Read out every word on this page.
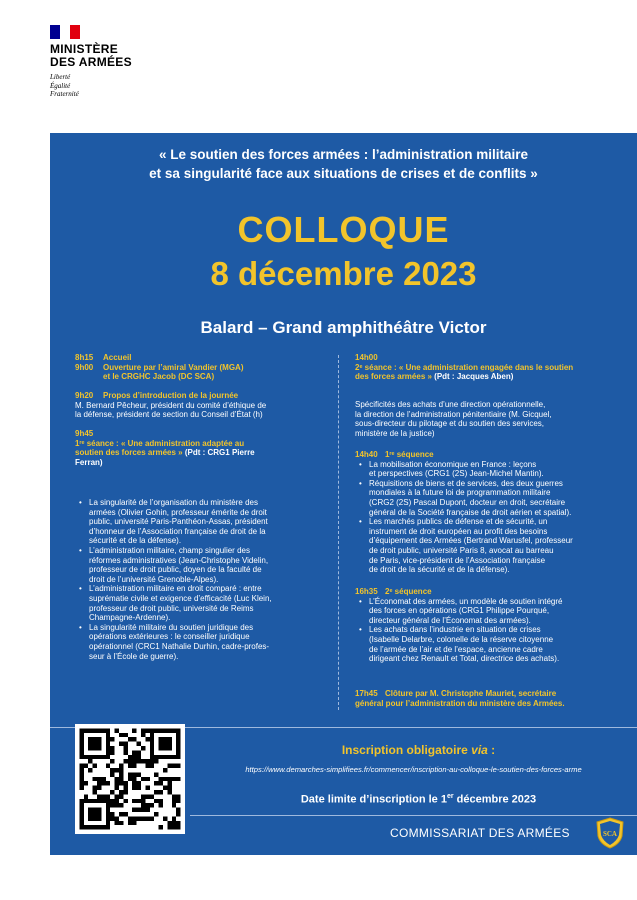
MINISTÈRE
DES ARMÉES
Liberté
Égalité
Fraternité
« Le soutien des forces armées : l’administration militaire
et sa singularité face aux situations de crises et de conflits »
COLLOQUE
8 décembre 2023
Balard – Grand amphithéâtre Victor
8h15 Accueil
9h00 Ouverture par l’amiral Vandier (MGA)
et le CRGHC Jacob (DC SCA)
9h20 Propos d’introduction de la journée
M. Bernard Pêcheur, président du comité d’éthique de
la défense, président de section du Conseil d’État (h)
9h45
1ʳᵉ séance : « Une administration adaptée au
soutien des forces armées » (Pdt : CRG1 Pierre
Ferran)
• La singularité de l’organisation du ministère des
armées (Olivier Gohin, professeur émérite de droit
public, université Paris-Panthéon-Assas, président
d’honneur de l’Association française de droit de la
sécurité et de la défense).
• L’administration militaire, champ singulier des
réformes administratives (Jean-Christophe Videlin,
professeur de droit public, doyen de la faculté de
droit de l’université Grenoble-Alpes).
• L’administration militaire en droit comparé : entre
suprématie civile et exigence d’efficacité (Luc Klein,
professeur de droit public, université de Reims
Champagne-Ardenne).
• La singularité militaire du soutien juridique des
opérations extérieures : le conseiller juridique
opérationnel (CRC1 Nathalie Durhin, cadre-profes-
seur à l’École de guerre).
14h00
2ᵉ séance : « Une administration engagée dans le soutien
des forces armées » (Pdt : Jacques Aben)
Spécificités des achats d’une direction opérationnelle,
la direction de l’administration pénitentiaire (M. Gicquel,
sous-directeur du pilotage et du soutien des services,
ministère de la justice)
14h40 1ʳᵉ séquence
• La mobilisation économique en France : leçons
et perspectives (CRG1 (2S) Jean-Michel Mantin).
• Réquisitions de biens et de services, des deux guerres
mondiales à la future loi de programmation militaire
(CRG2 (2S) Pascal Dupont, docteur en droit, secrétaire
général de la Société française de droit aérien et spatial).
• Les marchés publics de défense et de sécurité, un
instrument de droit européen au profit des besoins
d’équipement des Armées (Bertrand Warusfel, professeur
de droit public, université Paris 8, avocat au barreau
de Paris, vice-président de l’Association française
de droit de la sécurité et de la défense).
16h35 2ᵉ séquence
• L’Économat des armées, un modèle de soutien intégré
des forces en opérations (CRG1 Philippe Pourqué,
directeur général de l’Économat des armées).
• Les achats dans l’industrie en situation de crises
(Isabelle Delarbre, colonelle de la réserve citoyenne
de l’armée de l’air et de l’espace, ancienne cadre
dirigeant chez Renault et Total, directrice des achats).
17h45 Clôture par M. Christophe Mauriet, secrétaire
général pour l’administration du ministère des Armées.
Inscription obligatoire via :
https://www.demarches-simplifiees.fr/commencer/inscription-au-colloque-le-soutien-des-forces-arme
Date limite d’inscription le 1er décembre 2023
COMMISSARIAT DES ARMÉES	SCA
